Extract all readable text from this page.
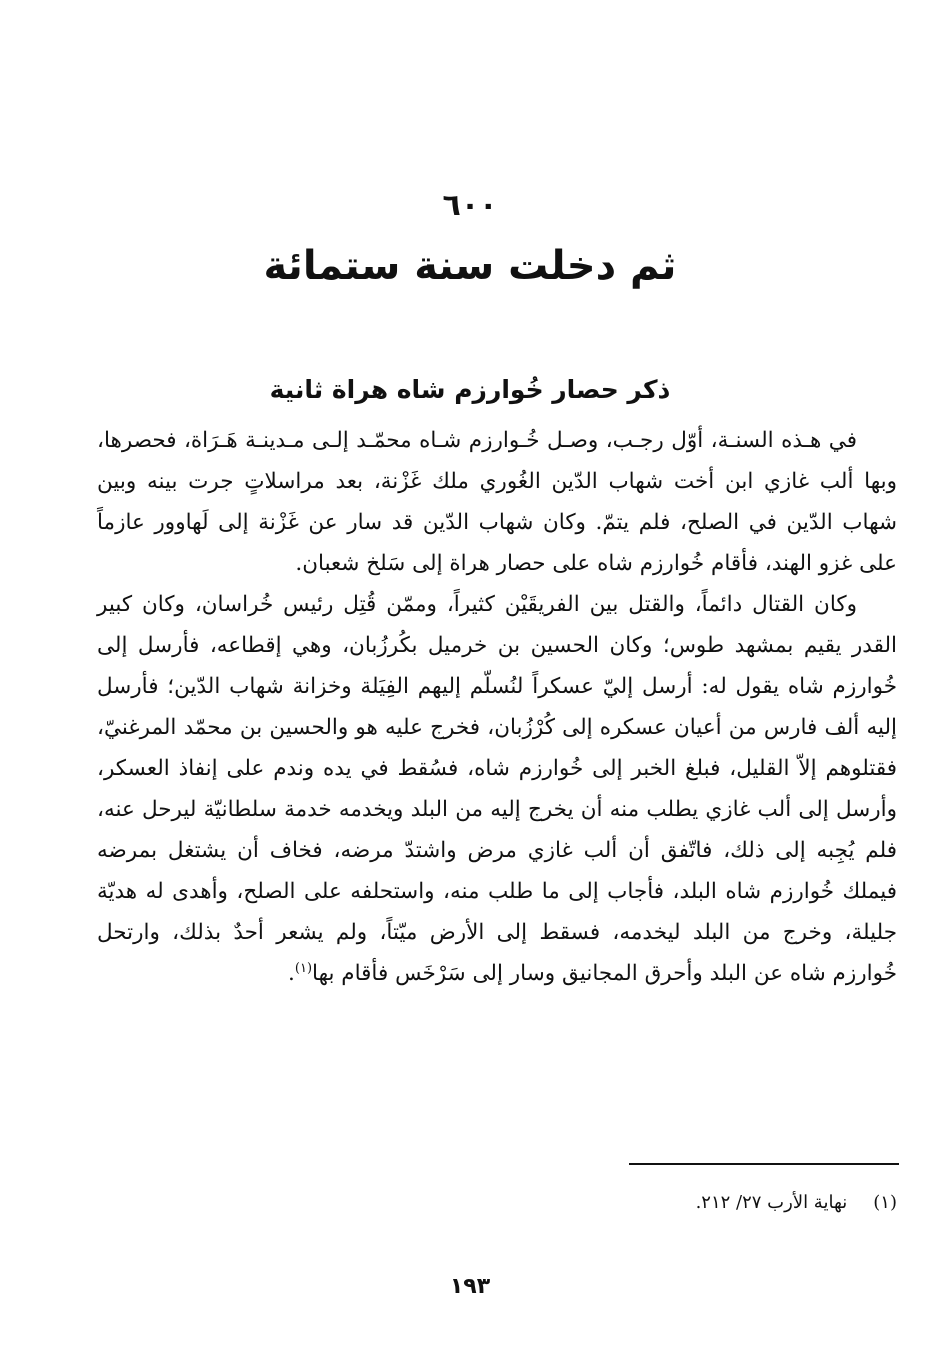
٦٠٠
ثم دخلت سنة ستمائة
ذكر حصار خُوارزم شاه هراة ثانية

في هـذه السنـة، أوّل رجـب، وصـل خُـوارزم شـاه محمّـد إلـى مـدينـة هَـرَاة، فحصرها، وبها ألب غازي ابن أخت شهاب الدّين الغُوري ملك غَزْنة، بعد مراسلاتٍ جرت بينه وبين شهاب الدّين في الصلح، فلم يتمّ. وكان شهاب الدّين قد سار عن غَزْنة إلى لَهاوور عازماً على غزو الهند، فأقام خُوارزم شاه على حصار هراة إلى سَلخ شعبان.

وكان القتال دائماً، والقتل بين الفريقَيْن كثيراً، وممّن قُتِل رئيس خُراسان، وكان كبير القدر يقيم بمشهد طوس؛ وكان الحسين بن خرميل بكُرزُبان، وهي إقطاعه، فأرسل إلى خُوارزم شاه يقول له: أرسل إليّ عسكراً لنُسلّم إليهم الفِيَلة وخزانة شهاب الدّين؛ فأرسل إليه ألف فارس من أعيان عسكره إلى كُرْزُبان، فخرج عليه هو والحسين بن محمّد المرغنيّ، فقتلوهم إلاّ القليل، فبلغ الخبر إلى خُوارزم شاه، فسُقط في يده وندم على إنفاذ العسكر، وأرسل إلى ألب غازي يطلب منه أن يخرج إليه من البلد ويخدمه خدمة سلطانيّة ليرحل عنه، فلم يُجِبه إلى ذلك، فاتّفق أن ألب غازي مرض واشتدّ مرضه، فخاف أن يشتغل بمرضه فيملك خُوارزم شاه البلد، فأجاب إلى ما طلب منه، واستحلفه على الصلح، وأهدى له هديّة جليلة، وخرج من البلد ليخدمه، فسقط إلى الأرض ميّتاً، ولم يشعر أحدٌ بذلك، وارتحل خُوارزم شاه عن البلد وأحرق المجانيق وسار إلى سَرْخَس فأقام بها$^{(١)}$.

(١)نهاية الأرب ٢٧/ ٢١٢.
١٩٣
